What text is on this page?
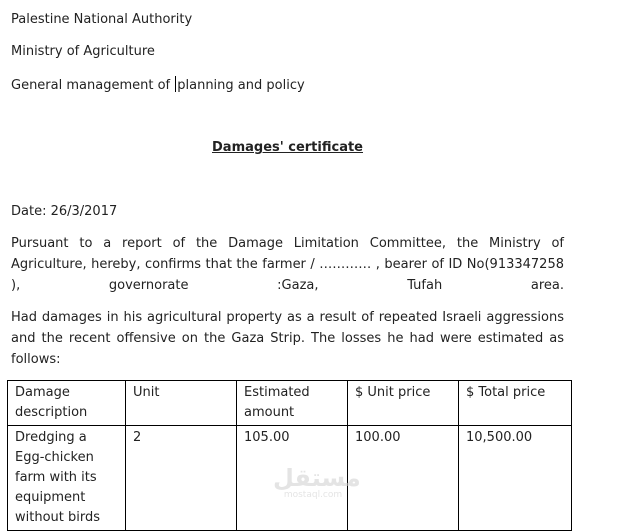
Palestine National Authority
Ministry of Agriculture
General management of planning and policy
Damages' certificate
Date: 26/3/2017
Pursuant to a report of the Damage Limitation Committee, the Ministry of Agriculture, hereby, confirms that the farmer / ………… , bearer of ID No(913347258 ), governorate :Gaza, Tufah area.
Had damages in his agricultural property as a result of repeated Israeli aggressions and the recent offensive on the Gaza Strip. The losses he had were estimated as follows:
Damage description	Unit	Estimated amount	$ Unit price	$ Total price
Dredging a Egg-chicken farm with its equipment without birds	2	105.00	100.00	10,500.00
مستقل
mostaql.com
